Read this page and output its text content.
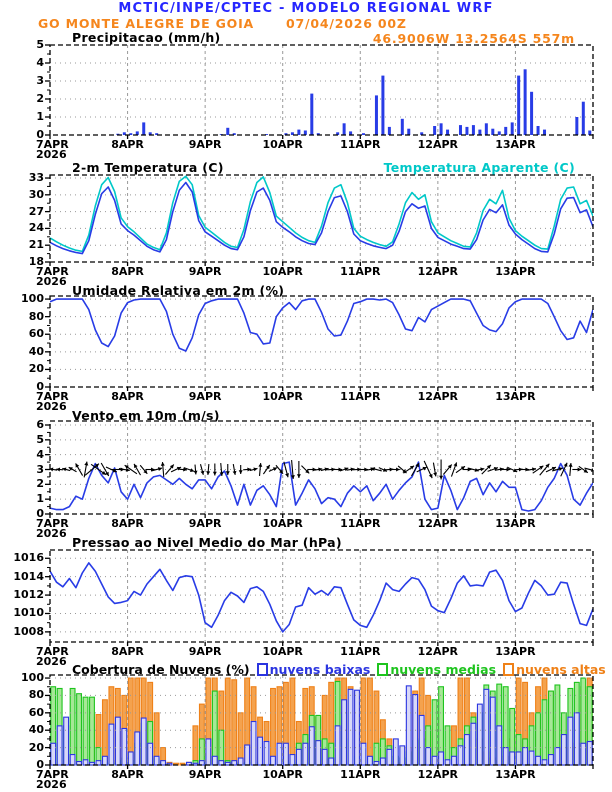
0
1
2
3
4
5
7APR	8APR	9APR	10APR	11APR	12APR	13APR
2026
18
21
24
27
30
33
7APR	8APR	9APR	10APR	11APR	12APR	13APR
2026
0
20
40
60
80
100
7APR	8APR	9APR	10APR	11APR	12APR	13APR
2026
0
1
2
3
4
5
6
7APR	8APR	9APR	10APR	11APR	12APR	13APR
2026
1008
1010
1012
1014
1016
7APR	8APR	9APR	10APR	11APR	12APR	13APR
2026
0
20
40
60
80
100
7APR	8APR	9APR	10APR	11APR	12APR	13APR
2026
MCTIC/INPE/CPTEC - MODELO REGIONAL WRF
GO MONTE ALEGRE DE GOIA	07/04/2026 00Z
46.9006W 13.2564S 557m
Precipitacao (mm/h)
2-m Temperatura (C)	Temperatura Aparente (C)
Umidade Relativa em 2m (%)
Vento em 10m (m/s)
Pressao ao Nivel Medio do Mar (hPa)
Cobertura de Nuvens (%) nuvens baixas nuvens medias nuvens altas
